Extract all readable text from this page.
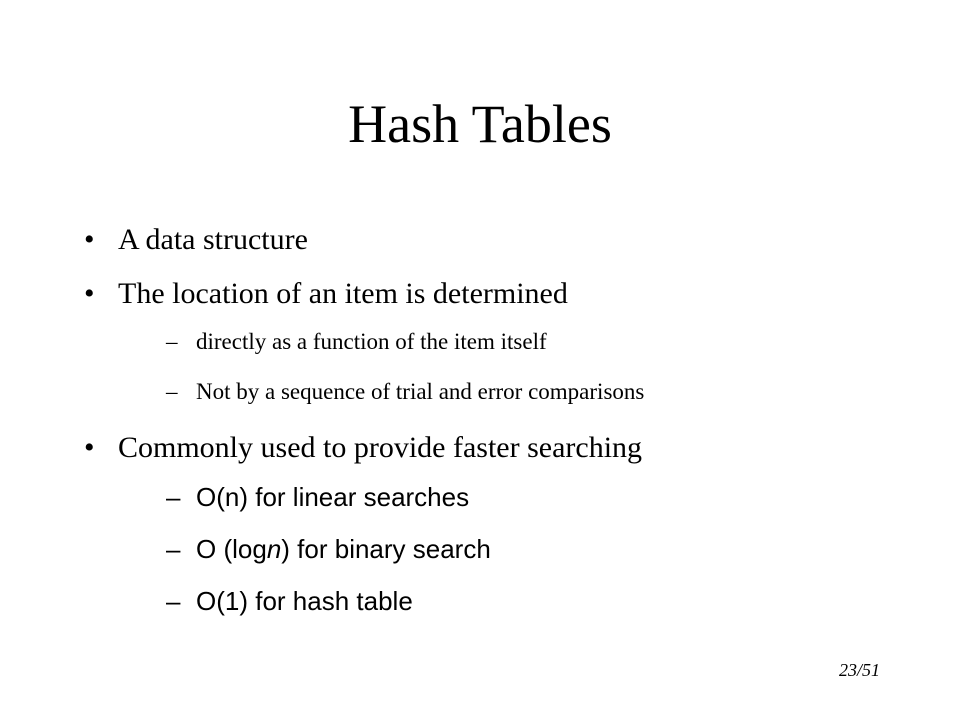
Hash Tables
• A data structure
• The location of an item is determined
– directly as a function of the item itself
– Not by a sequence of trial and error comparisons
• Commonly used to provide faster searching
– O(n) for linear searches
– O (logn) for binary search
– O(1) for hash table
23/51
